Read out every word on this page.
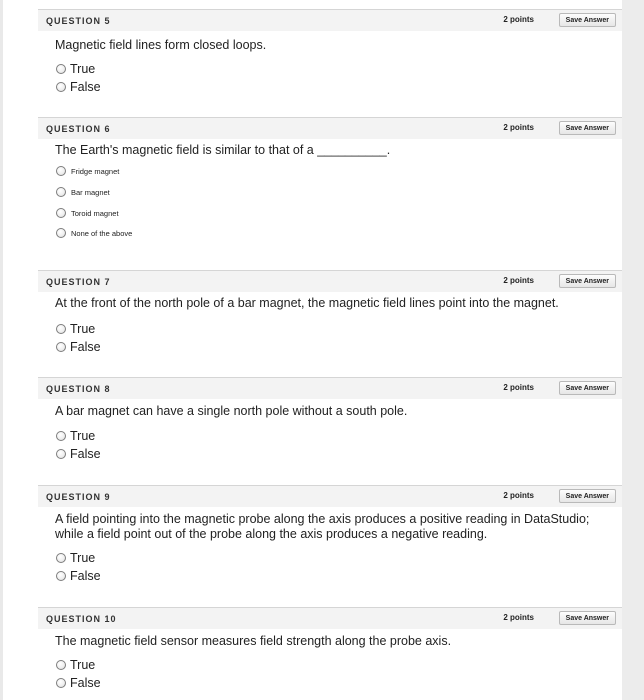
QUESTION 5	2 points	Save Answer
Magnetic field lines form closed loops.
True
False
QUESTION 6	2 points	Save Answer
The Earth's magnetic field is similar to that of a __________.
Fridge magnet
Bar magnet
Toroid magnet
None of the above
QUESTION 7	2 points	Save Answer
At the front of the north pole of a bar magnet, the magnetic field lines point into the magnet.
True
False
QUESTION 8	2 points	Save Answer
A bar magnet can have a single north pole without a south pole.
True
False
QUESTION 9	2 points	Save Answer
A field pointing into the magnetic probe along the axis produces a positive reading in DataStudio; while a field point out of the probe along the axis produces a negative reading.
True
False
QUESTION 10	2 points	Save Answer
The magnetic field sensor measures field strength along the probe axis.
True
False
